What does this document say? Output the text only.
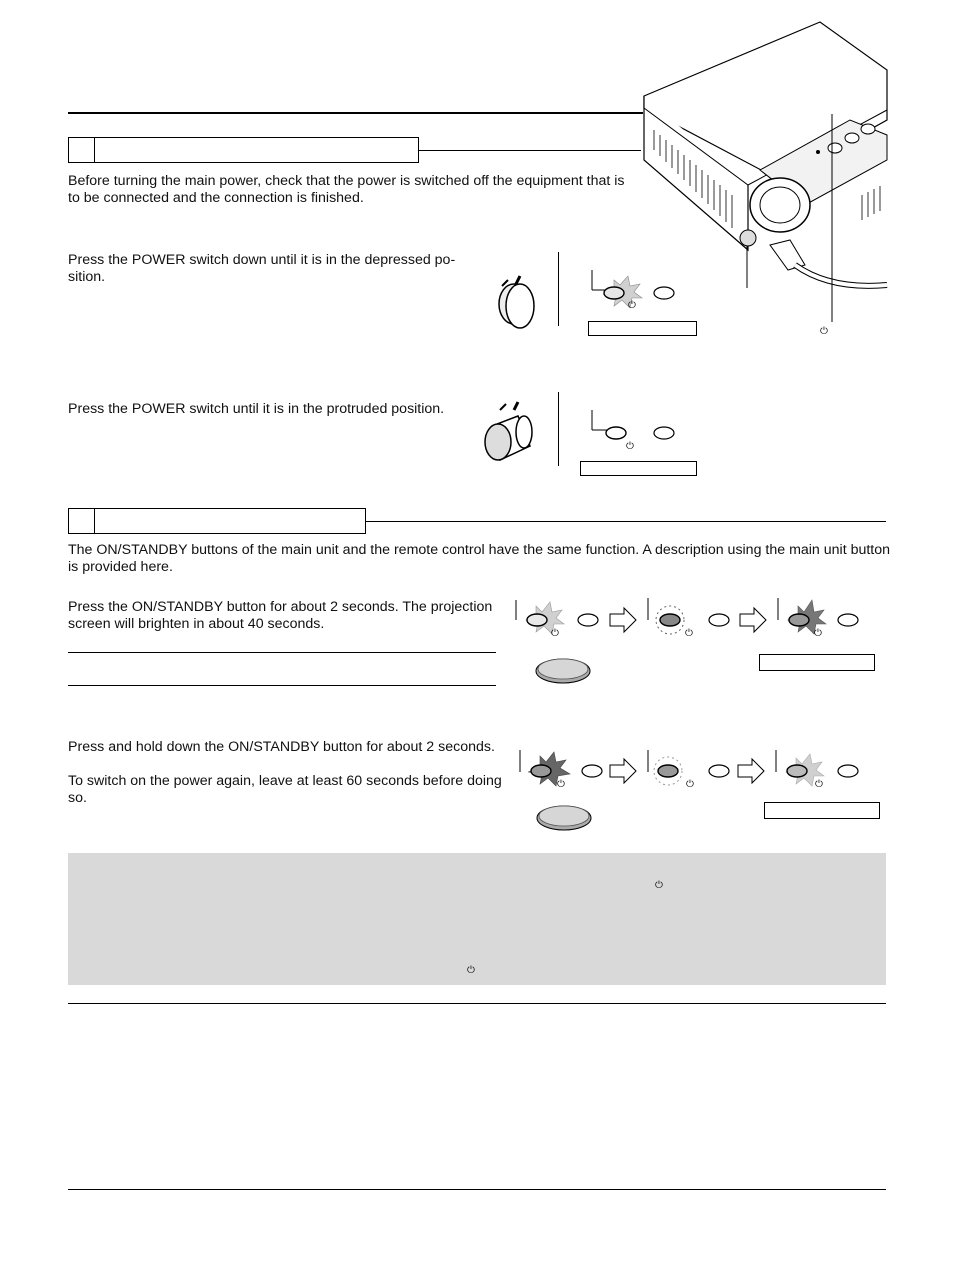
⏻
Before turning the main power, check that the power is switched off the equipment that is to be connected and the connection is finished.
Press the POWER switch down until it is in the depressed po-
sition.
⏻
Press the POWER switch until it is in the protruded position.
⏻
The ON/STANDBY buttons of the main unit and the remote control have the same function. A description using the main unit button
is provided here.
Press the ON/STANDBY button for about 2 seconds. The projection
screen will brighten in about 40 seconds.
⏻	⏻	⏻
Press and hold down the ON/STANDBY button for about 2 seconds.
To switch on the power again, leave at least 60 seconds before doing
so.
⏻	⏻	⏻
⏻
⏻
